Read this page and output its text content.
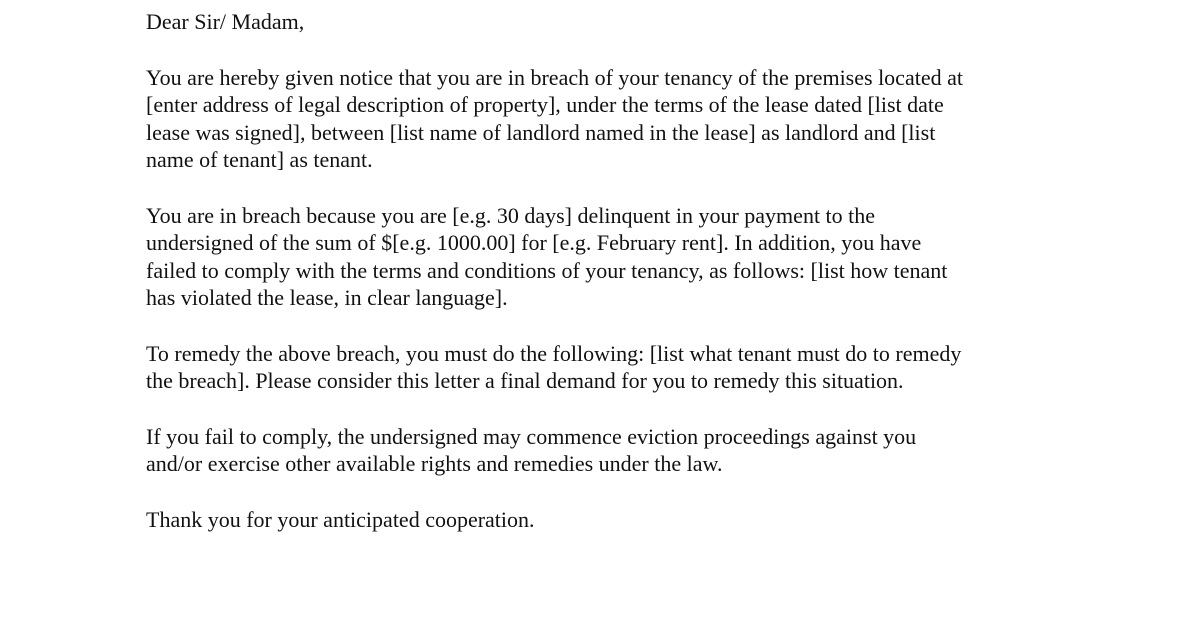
Dear Sir/ Madam,
You are hereby given notice that you are in breach of your tenancy of the premises located at
[enter address of legal description of property], under the terms of the lease dated [list date
lease was signed], between [list name of landlord named in the lease] as landlord and [list
name of tenant] as tenant.
You are in breach because you are [e.g. 30 days] delinquent in your payment to the
undersigned of the sum of $[e.g. 1000.00] for [e.g. February rent]. In addition, you have
failed to comply with the terms and conditions of your tenancy, as follows: [list how tenant
has violated the lease, in clear language].
To remedy the above breach, you must do the following: [list what tenant must do to remedy
the breach]. Please consider this letter a final demand for you to remedy this situation.
If you fail to comply, the undersigned may commence eviction proceedings against you
and/or exercise other available rights and remedies under the law.
Thank you for your anticipated cooperation.
